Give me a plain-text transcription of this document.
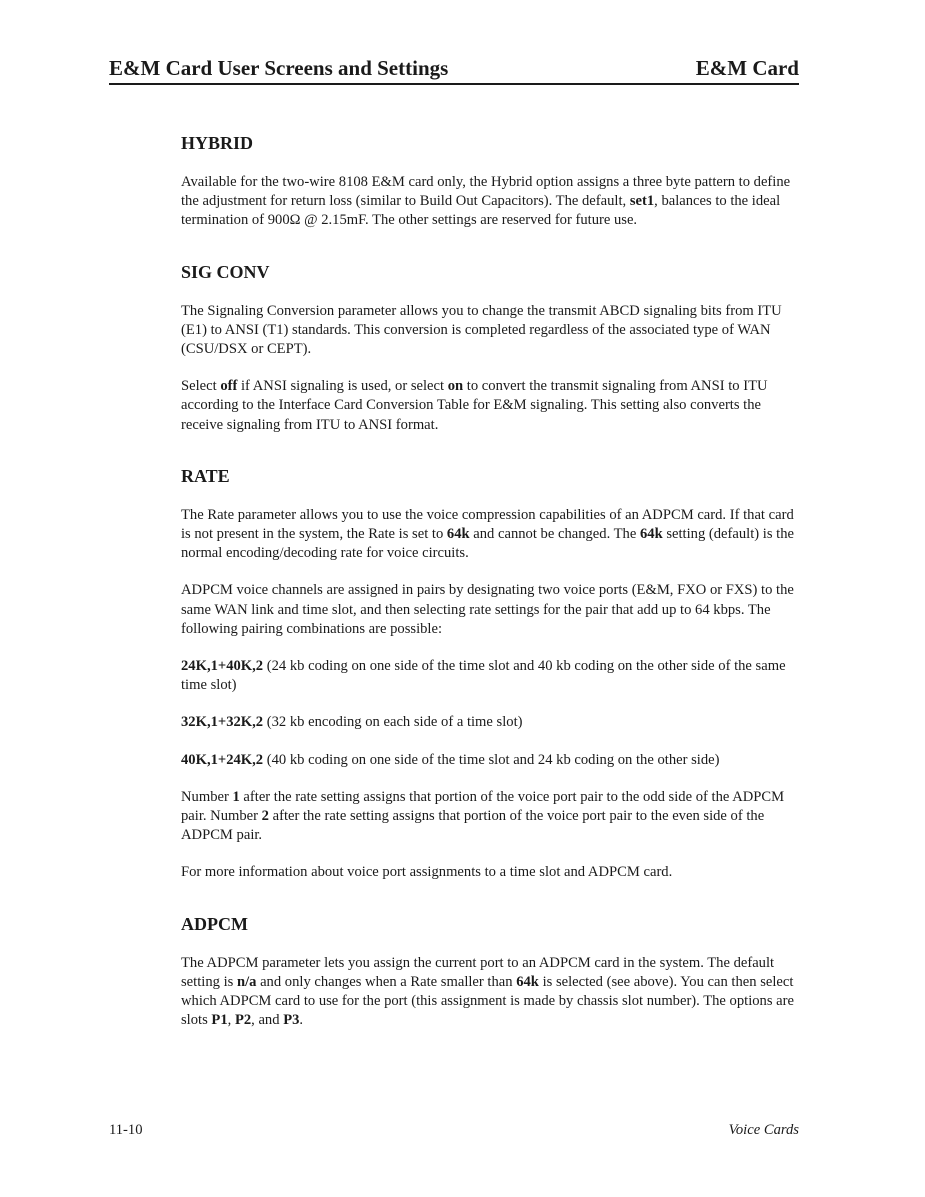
E&M Card User Screens and Settings	E&M Card
HYBRID

Available for the two-wire 8108 E&M card only, the Hybrid option assigns a three byte pattern to define the adjustment for return loss (similar to Build Out Capacitors). The default, set1, balances to the ideal termination of 900Ω @ 2.15mF. The other settings are reserved for future use.

SIG CONV

The Signaling Conversion parameter allows you to change the transmit ABCD signaling bits from ITU (E1) to ANSI (T1) standards. This conversion is completed regardless of the associated type of WAN (CSU/DSX or CEPT).

Select off if ANSI signaling is used, or select on to convert the transmit signaling from ANSI to ITU according to the Interface Card Conversion Table for E&M signaling. This setting also converts the receive signaling from ITU to ANSI format.

RATE

The Rate parameter allows you to use the voice compression capabilities of an ADPCM card. If that card is not present in the system, the Rate is set to 64k and cannot be changed. The 64k setting (default) is the normal encoding/decoding rate for voice circuits.

ADPCM voice channels are assigned in pairs by designating two voice ports (E&M, FXO or FXS) to the same WAN link and time slot, and then selecting rate settings for the pair that add up to 64 kbps. The following pairing combinations are possible:

24K,1+40K,2 (24 kb coding on one side of the time slot and 40 kb coding on the other side of the same time slot)

32K,1+32K,2 (32 kb encoding on each side of a time slot)

40K,1+24K,2 (40 kb coding on one side of the time slot and 24 kb coding on the other side)

Number 1 after the rate setting assigns that portion of the voice port pair to the odd side of the ADPCM pair. Number 2 after the rate setting assigns that portion of the voice port pair to the even side of the ADPCM pair.

For more information about voice port assignments to a time slot and ADPCM card.

ADPCM

The ADPCM parameter lets you assign the current port to an ADPCM card in the system. The default setting is n/a and only changes when a Rate smaller than 64k is selected (see above). You can then select which ADPCM card to use for the port (this assignment is made by chassis slot number). The options are slots P1, P2, and P3.

11-10	Voice Cards
